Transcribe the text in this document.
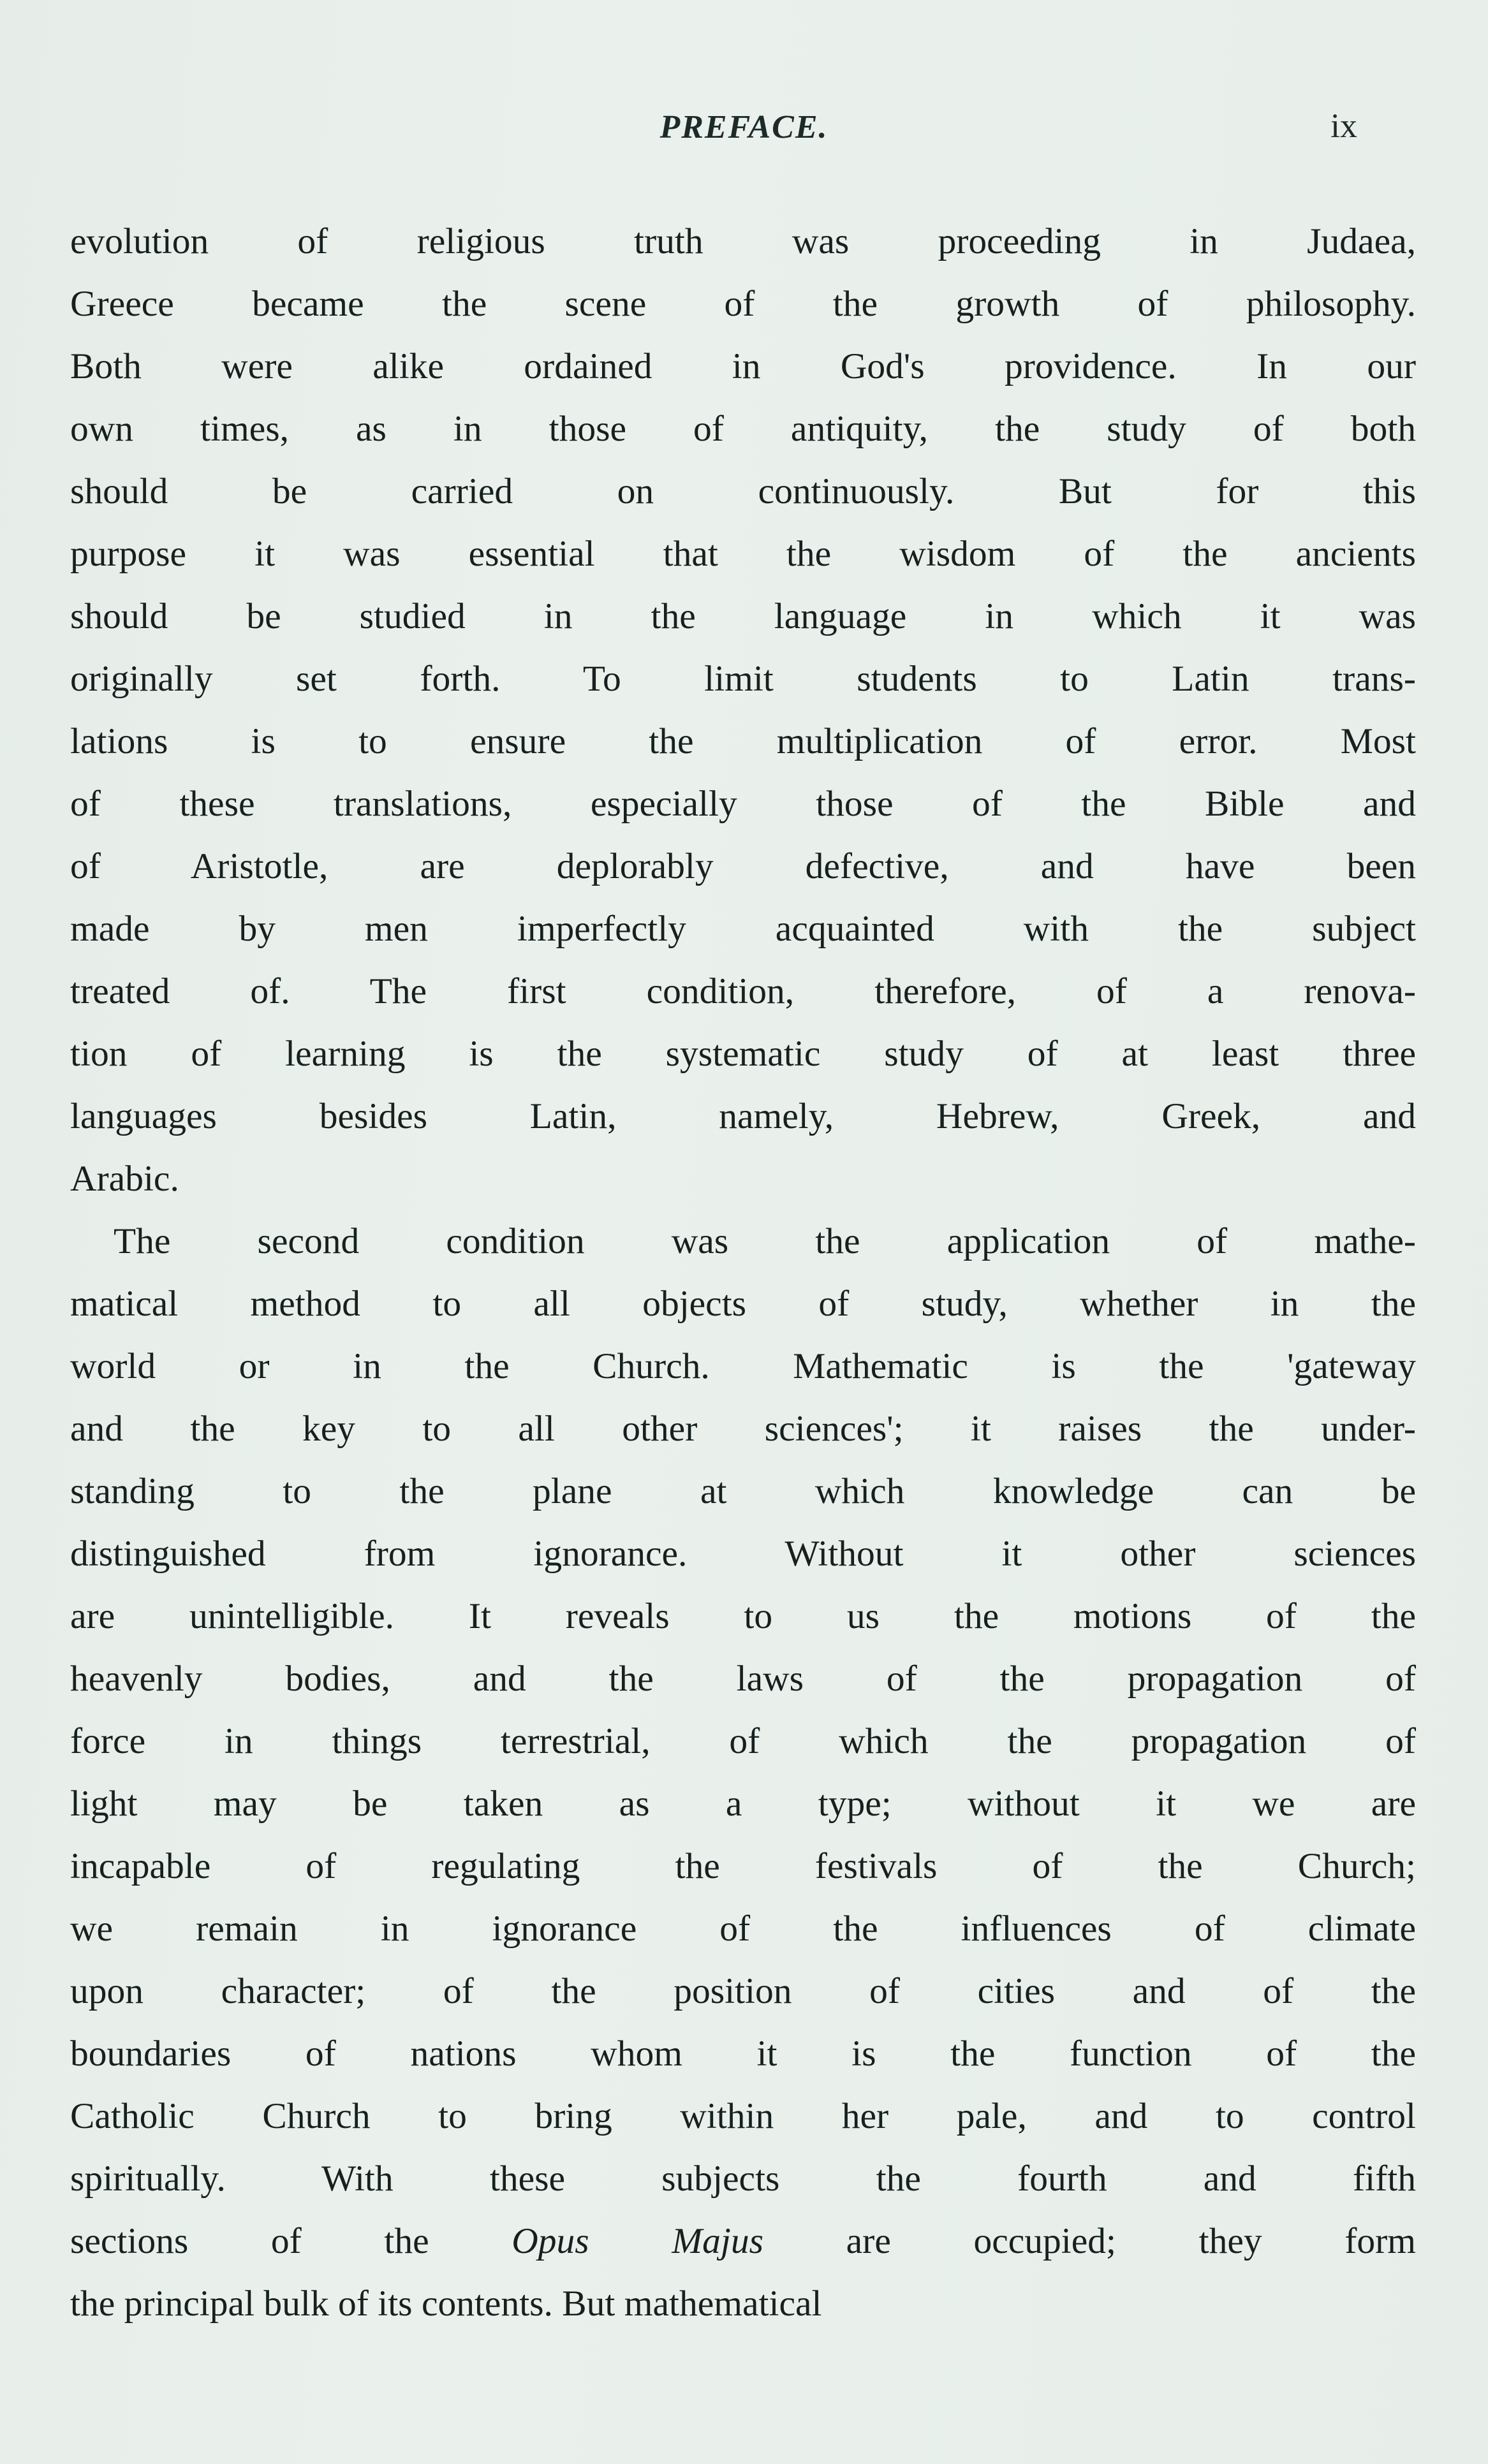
PREFACE.	ix

evolution of religious truth was proceeding in Judaea,
Greece became the scene of the growth of philosophy.
Both were alike ordained in God's providence. In our
own times, as in those of antiquity, the study of both
should be carried on continuously. But for this
purpose it was essential that the wisdom of the ancients
should be studied in the language in which it was
originally set forth. To limit students to Latin trans-
lations is to ensure the multiplication of error. Most
of these translations, especially those of the Bible and
of Aristotle, are deplorably defective, and have been
made by men imperfectly acquainted with the subject
treated of. The first condition, therefore, of a renova-
tion of learning is the systematic study of at least three
languages besides Latin, namely, Hebrew, Greek, and
Arabic.

The second condition was the application of mathe-
matical method to all objects of study, whether in the
world or in the Church. Mathematic is the 'gateway
and the key to all other sciences'; it raises the under-
standing to the plane at which knowledge can be
distinguished from ignorance. Without it other sciences
are unintelligible. It reveals to us the motions of the
heavenly bodies, and the laws of the propagation of
force in things terrestrial, of which the propagation of
light may be taken as a type; without it we are
incapable of regulating the festivals of the Church;
we remain in ignorance of the influences of climate
upon character; of the position of cities and of the
boundaries of nations whom it is the function of the
Catholic Church to bring within her pale, and to control
spiritually. With these subjects the fourth and fifth
sections of the Opus Majus are occupied; they form
the principal bulk of its contents. But mathematical
